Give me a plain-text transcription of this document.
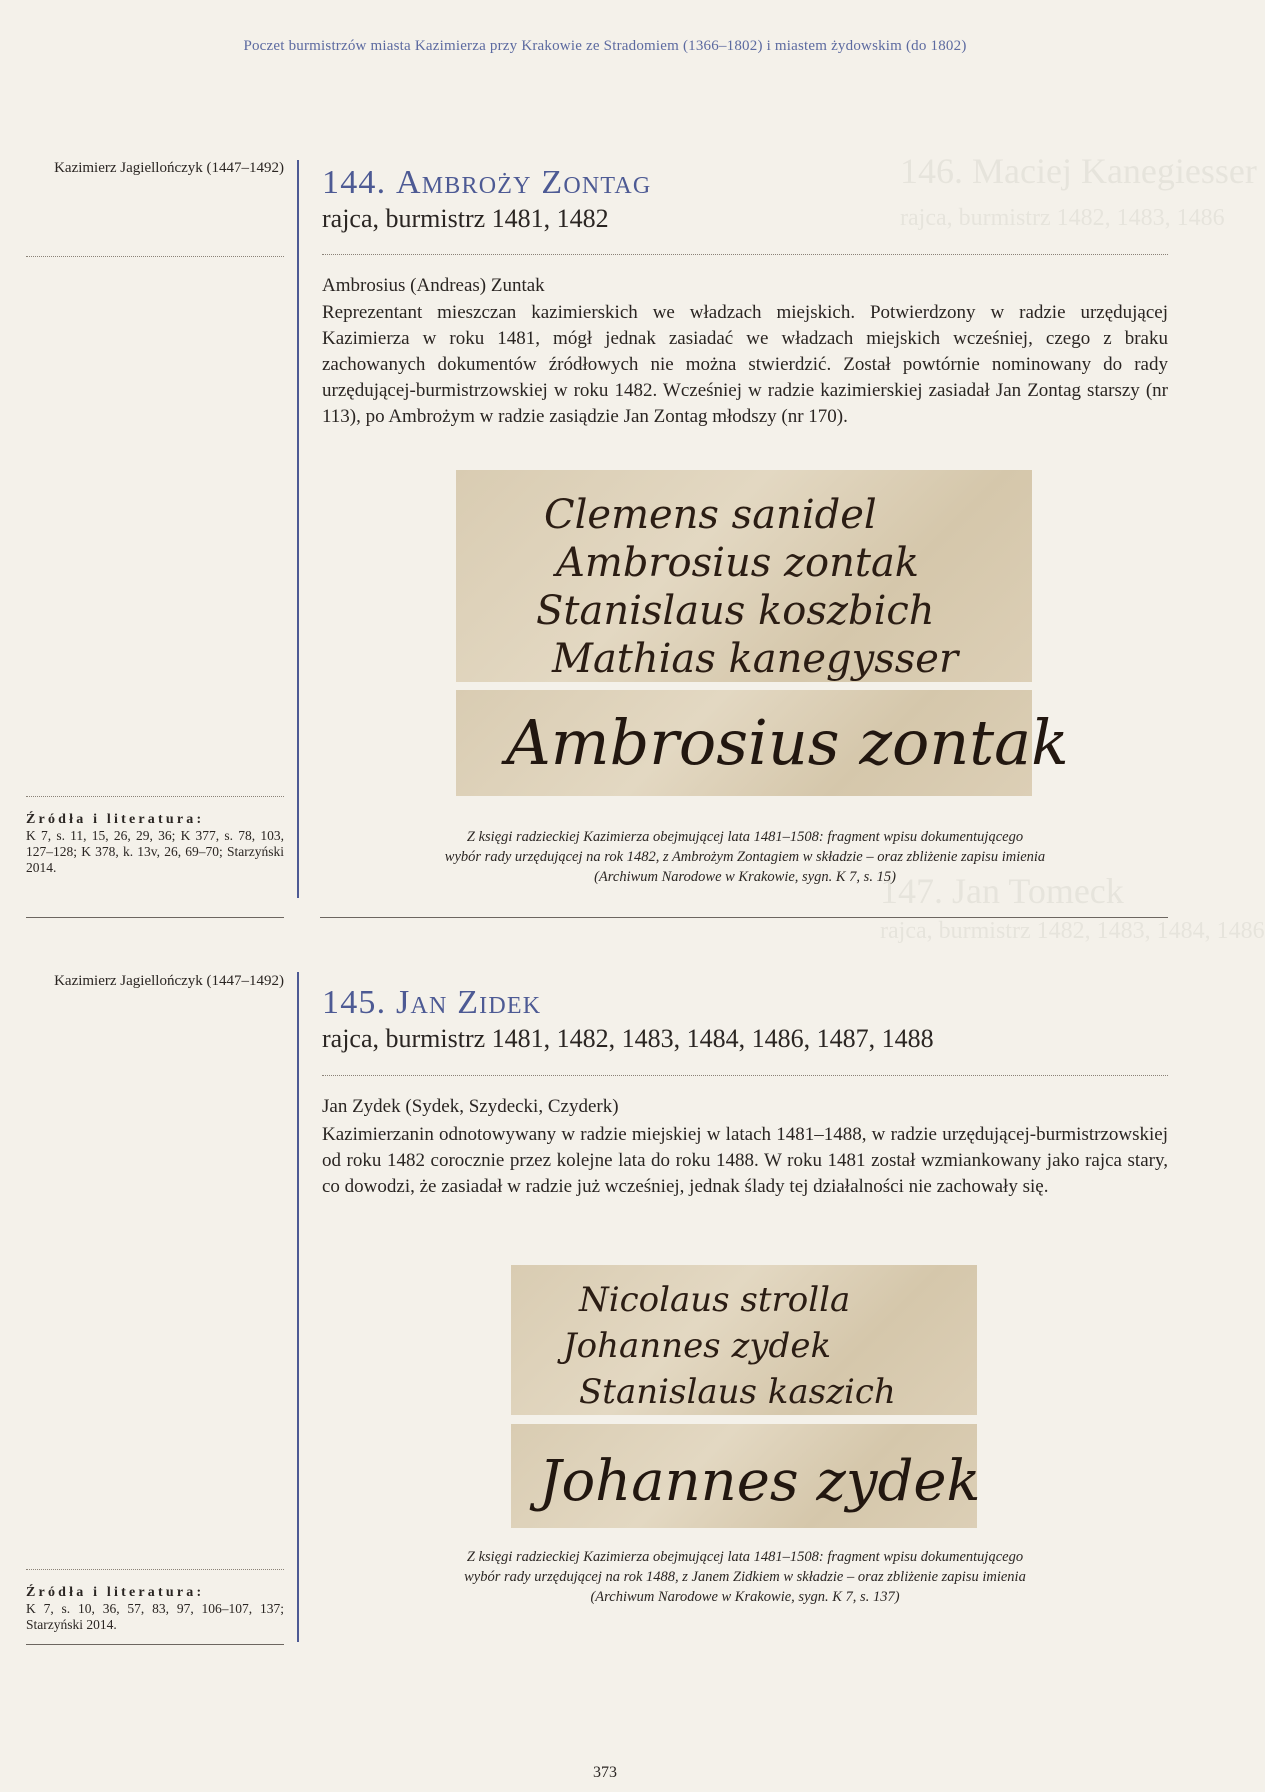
146. Maciej Kanegiesser
rajca, burmistrz 1482, 1483, 1486
147. Jan Tomeck
rajca, burmistrz 1482, 1483, 1484, 1486
Poczet burmistrzów miasta Kazimierza przy Krakowie ze Stradomiem (1366–1802) i miastem żydowskim (do 1802)
Kazimierz Jagiellończyk (1447–1492)
Źródła i literatura:
K 7, s. 11, 15, 26, 29, 36; K 377, s. 78, 103, 127–128; K 378, k. 13v, 26, 69–70; Starzyński 2014.
144. Ambroży Zontag
rajca, burmistrz 1481, 1482
Ambrosius (Andreas) Zuntak

Reprezentant mieszczan kazimierskich we władzach miejskich. Potwierdzony w radzie urzędującej Kazimierza w roku 1481, mógł jednak zasiadać we władzach miejskich wcześniej, czego z braku zachowanych dokumentów źródłowych nie można stwierdzić. Został powtórnie nominowany do rady urzędującej-burmistrzowskiej w roku 1482. Wcześniej w radzie kazimierskiej zasiadał Jan Zontag starszy (nr 113), po Ambrożym w radzie zasiądzie Jan Zontag młodszy (nr 170).

Clemens sanidel
Ambrosius zontak
Stanislaus koszbich
Mathias kanegysser
Ambrosius zontak
Z księgi radzieckiej Kazimierza obejmującej lata 1481–1508: fragment wpisu dokumentującego
wybór rady urzędującej na rok 1482, z Ambrożym Zontagiem w składzie – oraz zbliżenie zapisu imienia
(Archiwum Narodowe w Krakowie, sygn. K 7, s. 15)
Kazimierz Jagiellończyk (1447–1492)
Źródła i literatura:
K 7, s. 10, 36, 57, 83, 97, 106–107, 137; Starzyński 2014.
145. Jan Zidek
rajca, burmistrz 1481, 1482, 1483, 1484, 1486, 1487, 1488
Jan Zydek (Sydek, Szydecki, Czyderk)

Kazimierzanin odnotowywany w radzie miejskiej w latach 1481–1488, w radzie urzędującej-burmistrzowskiej od roku 1482 corocznie przez kolejne lata do roku 1488. W roku 1481 został wzmiankowany jako rajca stary, co dowodzi, że zasiadał w radzie już wcześniej, jednak ślady tej działalności nie zachowały się.

Nicolaus strolla
Johannes zydek
Stanislaus kaszich
Johannes zydek
Z księgi radzieckiej Kazimierza obejmującej lata 1481–1508: fragment wpisu dokumentującego
wybór rady urzędującej na rok 1488, z Janem Zidkiem w składzie – oraz zbliżenie zapisu imienia
(Archiwum Narodowe w Krakowie, sygn. K 7, s. 137)
373
